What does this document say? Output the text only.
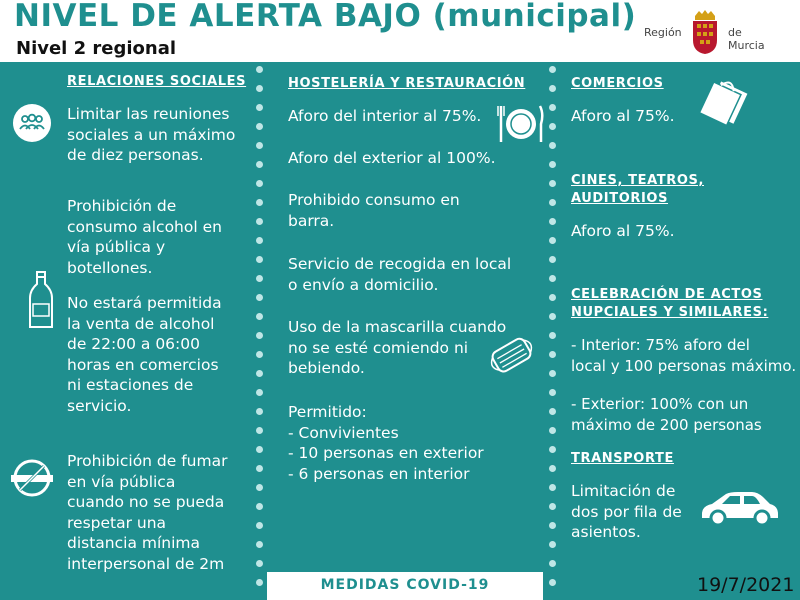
NIVEL DE ALERTA BAJO (municipal)
Nivel 2 regional
Región	de Murcia
RELACIONES SOCIALES
Limitar las reuniones
sociales a un máximo
de diez personas.
Prohibición de
consumo alcohol en
vía pública y
botellones.
No estará permitida
la venta de alcohol
de 22:00 a 06:00
horas en comercios
ni estaciones de
servicio.
Prohibición de fumar
en vía pública
cuando no se pueda
respetar una
distancia mínima
interpersonal de 2m
HOSTELERÍA Y RESTAURACIÓN
Aforo del interior al 75%.
Aforo del exterior al 100%.
Prohibido consumo en
barra.
Servicio de recogida en local
o envío a domicilio.
Uso de la mascarilla cuando
no se esté comiendo ni
bebiendo.
Permitido:
- Convivientes
- 10 personas en exterior
- 6 personas en interior
COMERCIOS
Aforo al 75%.
CINES, TEATROS,
AUDITORIOS
Aforo al 75%.
CELEBRACIÓN DE ACTOS
NUPCIALES Y SIMILARES:
- Interior: 75% aforo del
local y 100 personas máximo.
- Exterior: 100% con un
máximo de 200 personas
TRANSPORTE
Limitación de
dos por fila de
asientos.
MEDIDAS COVID-19	19/7/2021
